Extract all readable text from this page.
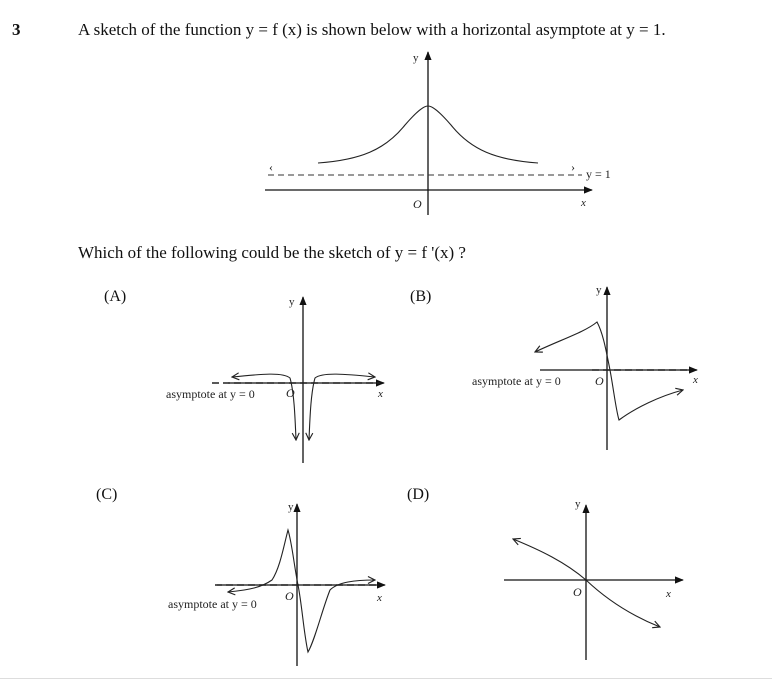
3	A sketch of the function y = f (x) is shown below with a horizontal asymptote at y = 1.
Which of the following could be the sketch of y = f '(x) ?
(A)	(B)
(C)	(D)
y
x
O
‹	› y = 1
y
x
O
asymptote at y = 0
y
x
O
asymptote at y = 0
y
x
O
asymptote at y = 0
y
x
O
